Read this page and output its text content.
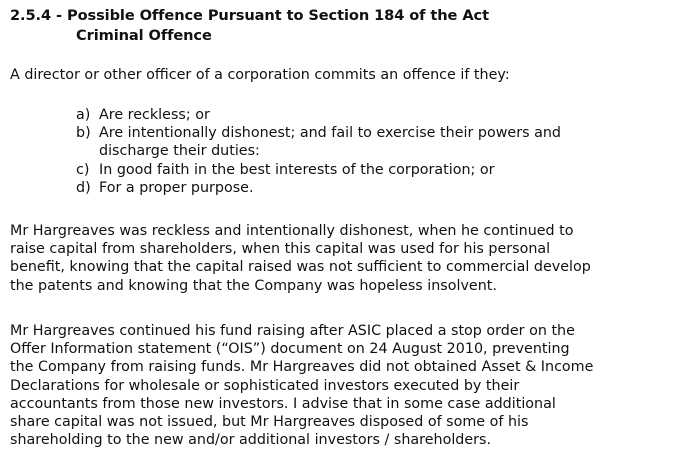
2.5.4 - Possible Offence Pursuant to Section 184 of the Act
Criminal Offence
A director or other officer of a corporation commits an offence if they:
a) Are reckless; or
b) Are intentionally dishonest; and fail to exercise their powers and
discharge their duties:
c) In good faith in the best interests of the corporation; or
d) For a proper purpose.
Mr Hargreaves was reckless and intentionally dishonest, when he continued to
raise capital from shareholders, when this capital was used for his personal
benefit, knowing that the capital raised was not sufficient to commercial develop
the patents and knowing that the Company was hopeless insolvent.
Mr Hargreaves continued his fund raising after ASIC placed a stop order on the
Offer Information statement (“OIS”) document on 24 August 2010, preventing
the Company from raising funds. Mr Hargreaves did not obtained Asset & Income
Declarations for wholesale or sophisticated investors executed by their
accountants from those new investors. I advise that in some case additional
share capital was not issued, but Mr Hargreaves disposed of some of his
shareholding to the new and/or additional investors / shareholders.
